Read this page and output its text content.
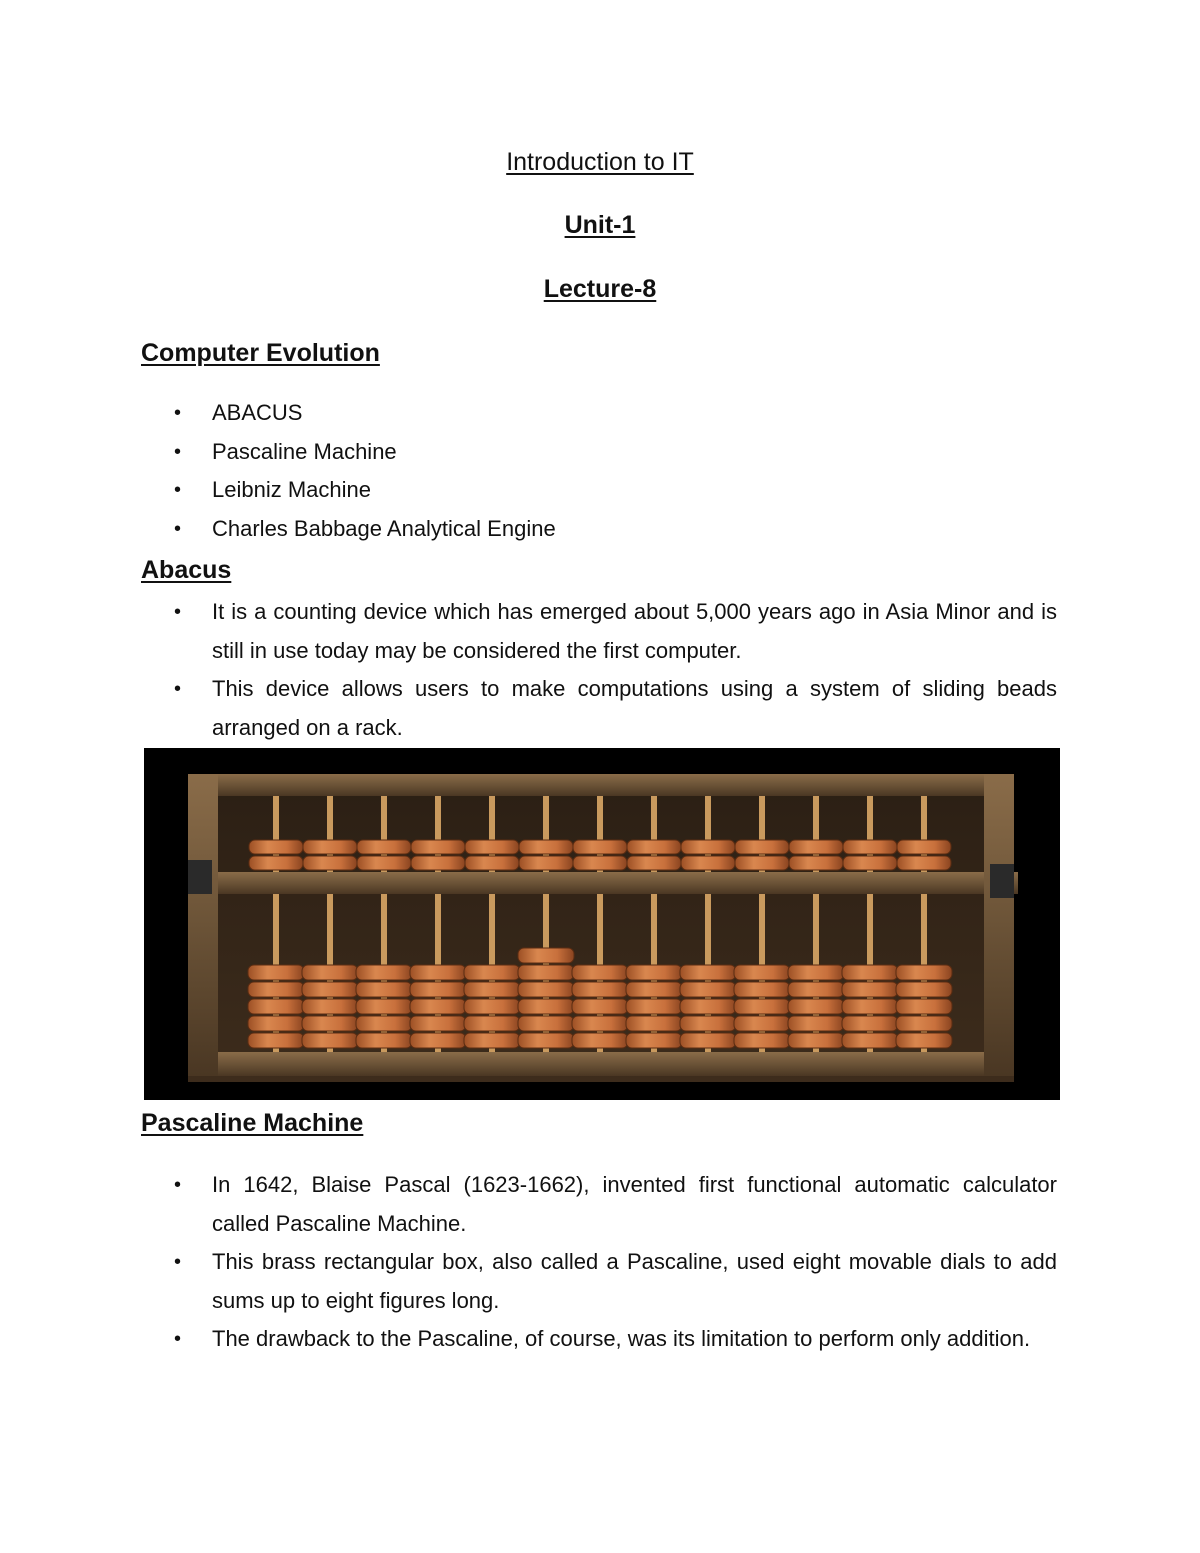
Introduction to IT
Unit-1
Lecture-8
Computer Evolution
• ABACUS
• Pascaline Machine
• Leibniz Machine
• Charles Babbage Analytical Engine
Abacus
• It is a counting device which has emerged about 5,000 years ago in Asia Minor and is still in use today may be considered the first computer.
• This device allows users to make computations using a system of sliding beads arranged on a rack.
Pascaline Machine
• In 1642, Blaise Pascal (1623-1662), invented first functional automatic calculator called Pascaline Machine.
• This brass rectangular box, also called a Pascaline, used eight movable dials to add sums up to eight figures long.
• The drawback to the Pascaline, of course, was its limitation to perform only addition.
